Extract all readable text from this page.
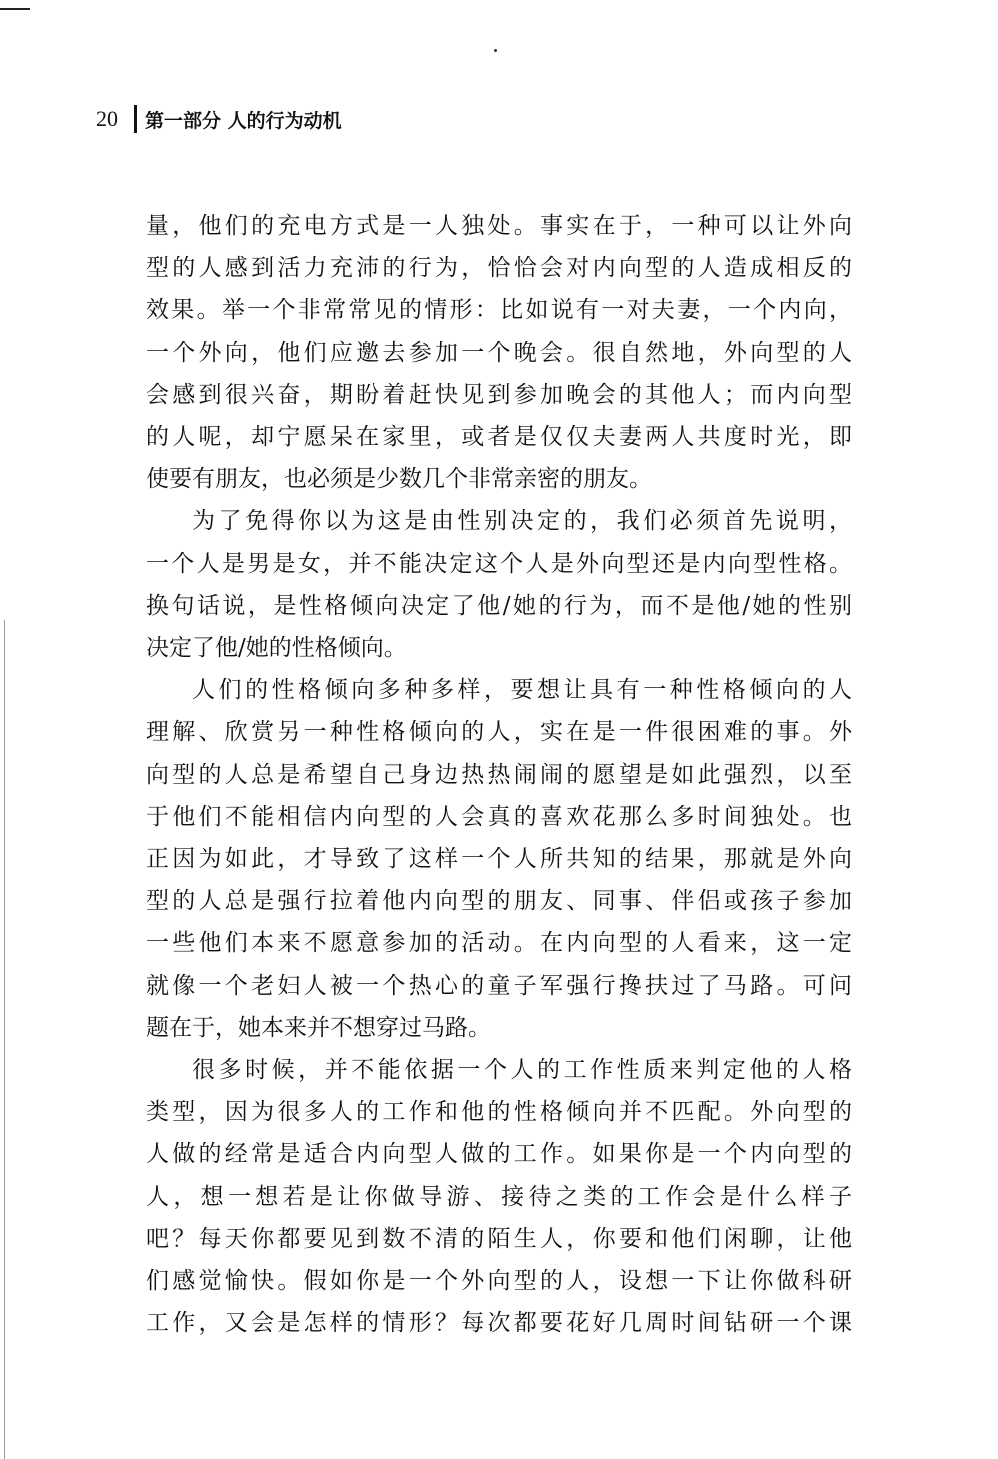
20 第一部分 人的行为动机

量，他们的充电方式是一人独处。事实在于，一种可以让外向

型的人感到活力充沛的行为，恰恰会对内向型的人造成相反的

效果。举一个非常常见的情形：比如说有一对夫妻，一个内向，

一个外向，他们应邀去参加一个晚会。很自然地，外向型的人

会感到很兴奋，期盼着赶快见到参加晚会的其他人；而内向型

的人呢，却宁愿呆在家里，或者是仅仅夫妻两人共度时光，即

使要有朋友，也必须是少数几个非常亲密的朋友。

为了免得你以为这是由性别决定的，我们必须首先说明，

一个人是男是女，并不能决定这个人是外向型还是内向型性格。

换句话说，是性格倾向决定了他/她的行为，而不是他/她的性别

决定了他/她的性格倾向。

人们的性格倾向多种多样，要想让具有一种性格倾向的人

理解、欣赏另一种性格倾向的人，实在是一件很困难的事。外

向型的人总是希望自己身边热热闹闹的愿望是如此强烈，以至

于他们不能相信内向型的人会真的喜欢花那么多时间独处。也

正因为如此，才导致了这样一个人所共知的结果，那就是外向

型的人总是强行拉着他内向型的朋友、同事、伴侣或孩子参加

一些他们本来不愿意参加的活动。在内向型的人看来，这一定

就像一个老妇人被一个热心的童子军强行搀扶过了马路。可问

题在于，她本来并不想穿过马路。

很多时候，并不能依据一个人的工作性质来判定他的人格

类型，因为很多人的工作和他的性格倾向并不匹配。外向型的

人做的经常是适合内向型人做的工作。如果你是一个内向型的

人，想一想若是让你做导游、接待之类的工作会是什么样子

吧？每天你都要见到数不清的陌生人，你要和他们闲聊，让他

们感觉愉快。假如你是一个外向型的人，设想一下让你做科研

工作，又会是怎样的情形？每次都要花好几周时间钻研一个课
